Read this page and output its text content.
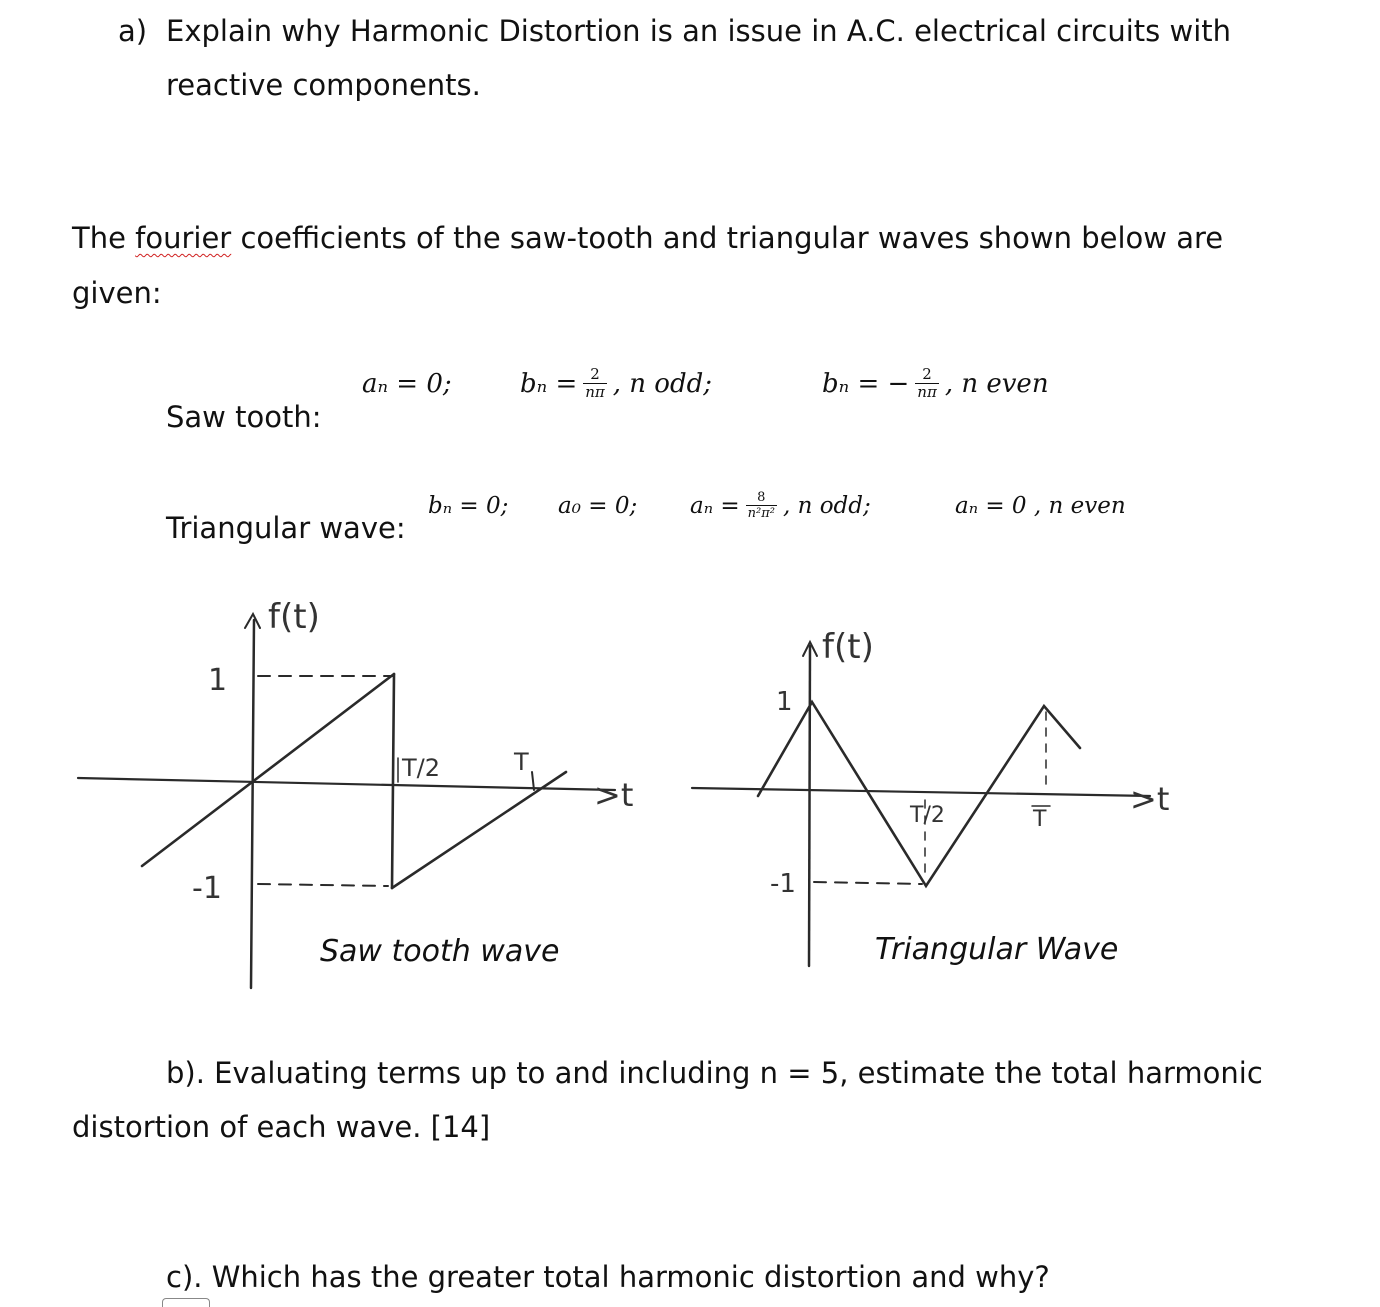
a) Explain why Harmonic Distortion is an issue in A.C. electrical circuits with
reactive components.
The fourier coefficients of the saw-tooth and triangular waves shown below are
given:
Saw tooth:
aₙ = 0;	$b_n = \frac{2}{n\pi}$ , n odd;	bₙ = − $\frac{2}{n\pi}$ , n even
Triangular wave:
bₙ = 0; a₀ = 0; $a_n = \frac{8}{\text{n²π²}}$ , n odd;	aₙ = 0 , n even
f(t)
1
-1
T/2	T
>t
f(t)
1
-1
T/2	T
>t
Saw tooth wave	Triangular Wave
b). Evaluating terms up to and including n = 5, estimate the total harmonic
distortion of each wave. [14]
c). Which has the greater total harmonic distortion and why?
